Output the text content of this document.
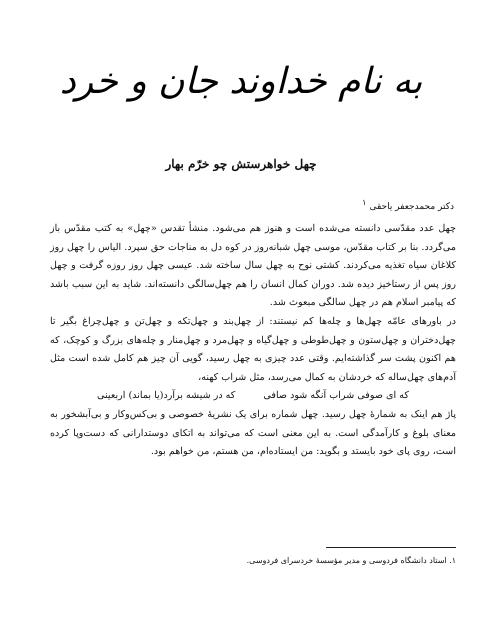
به نام خداوند جان و خرد
چهل خواهرستش چو خرّم بهار
دکتر محمدجعفر یاحقی$^۱$

چهل عدد مقدّسی دانسته می‌شده است و هنوز هم می‌شود. منشأ تقدس «چهل» به کتب مقدّس باز می‌گردد. بنا بر کتاب مقدّس، موسی چهل شبانه‌روز در کوه دل به مناجات حق سپرد. الیاس را چهل روز کلاغان سیاه تغذیه می‌کردند. کشتی نوح به چهل سال ساخته شد. عیسی چهل روز روزه گرفت و چهل روز پس از رستاخیز دیده شد. دوران کمال انسان را هم چهل‌سالگی دانسته‌اند. شاید به این سبب باشد که پیامبر اسلام هم در چهل سالگی مبعوث شد.

در باورهای عامّه چهل‌ها و چله‌ها کم نیستند: از چهل‌بند و چهل‌تکه و چهل‌تن و چهل‌چراغ بگیر تا چهل‌دختران و چهل‌ستون و چهل‌طوطی و چهل‌گیاه و چهل‌مرد و چهل‌منار و چله‌های بزرگ و کوچک، که هم اکنون پشت سر گذاشته‌ایم. وقتی عدد چیزی به چهل رسید، گویی آن چیز هم کامل شده است مثل آدم‌های چهل‌ساله که خردشان به کمال می‌رسد، مثل شراب کهنه،

که ای صوفی شراب آنگه شود صافی
که در شیشه برآرد(یا بماند) اربعینی

پاژ هم اینک به شمارهٔ چهل رسید. چهل شماره برای یک نشریهٔ خصوصی و بی‌کس‌وکار و بی‌آبشخور به معنای بلوغ و کارآمدگی است. به این معنی است که می‌تواند به اتکای دوستدارانی که دست‌وپا کرده است، روی پای خود بایستد و بگوید: من ایستاده‌ام، من هستم، من خواهم بود.

۱. استاد دانشگاه فردوسی و مدیر مؤسسهٔ خردسرای فردوسی.
